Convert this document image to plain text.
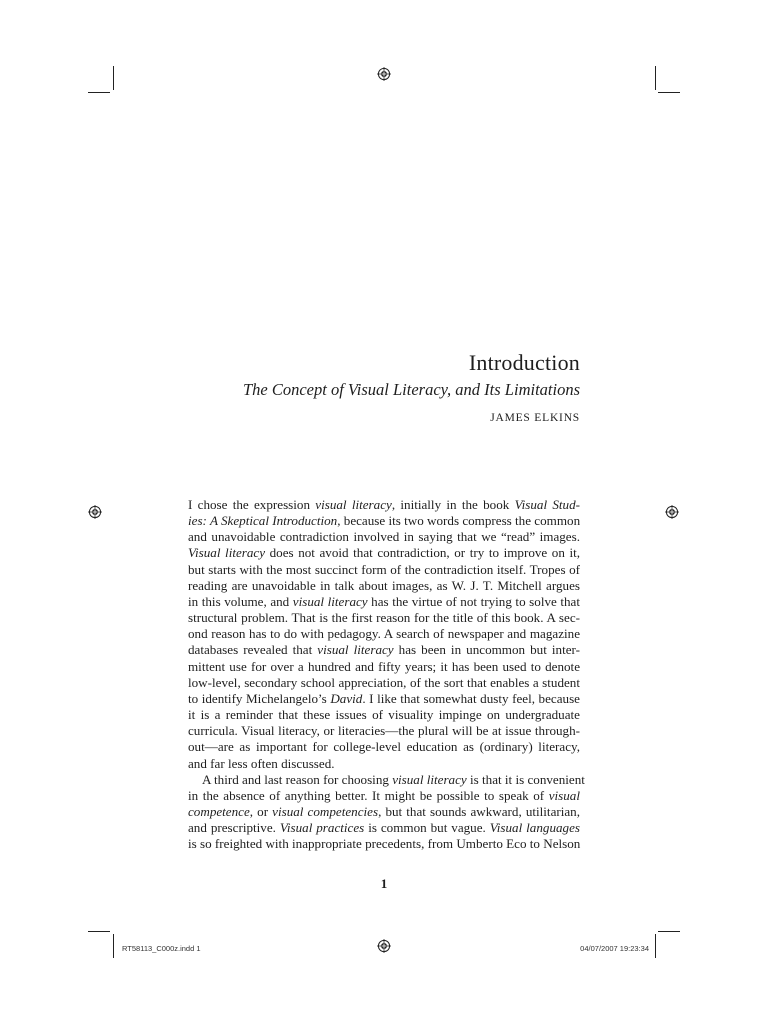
Introduction
The Concept of Visual Literacy, and Its Limitations
JAMES ELKINS

I chose the expression visual literacy, initially in the book Visual Stud-
ies: A Skeptical Introduction, because its two words compress the common
and unavoidable contradiction involved in saying that we “read” images.
Visual literacy does not avoid that contradiction, or try to improve on it,
but starts with the most succinct form of the contradiction itself. Tropes of
reading are unavoidable in talk about images, as W. J. T. Mitchell argues
in this volume, and visual literacy has the virtue of not trying to solve that
structural problem. That is the first reason for the title of this book. A sec-
ond reason has to do with pedagogy. A search of newspaper and magazine
databases revealed that visual literacy has been in uncommon but inter-
mittent use for over a hundred and fifty years; it has been used to denote
low-level, secondary school appreciation, of the sort that enables a student
to identify Michelangelo’s David. I like that somewhat dusty feel, because
it is a reminder that these issues of visuality impinge on undergraduate
curricula. Visual literacy, or literacies—the plural will be at issue through-
out—are as important for college-level education as (ordinary) literacy,
and far less often discussed.

A third and last reason for choosing visual literacy is that it is convenient
in the absence of anything better. It might be possible to speak of visual
competence, or visual competencies, but that sounds awkward, utilitarian,
and prescriptive. Visual practices is common but vague. Visual languages
is so freighted with inappropriate precedents, from Umberto Eco to Nelson

1
RT58113_C000z.indd 1	04/07/2007 19:23:34
